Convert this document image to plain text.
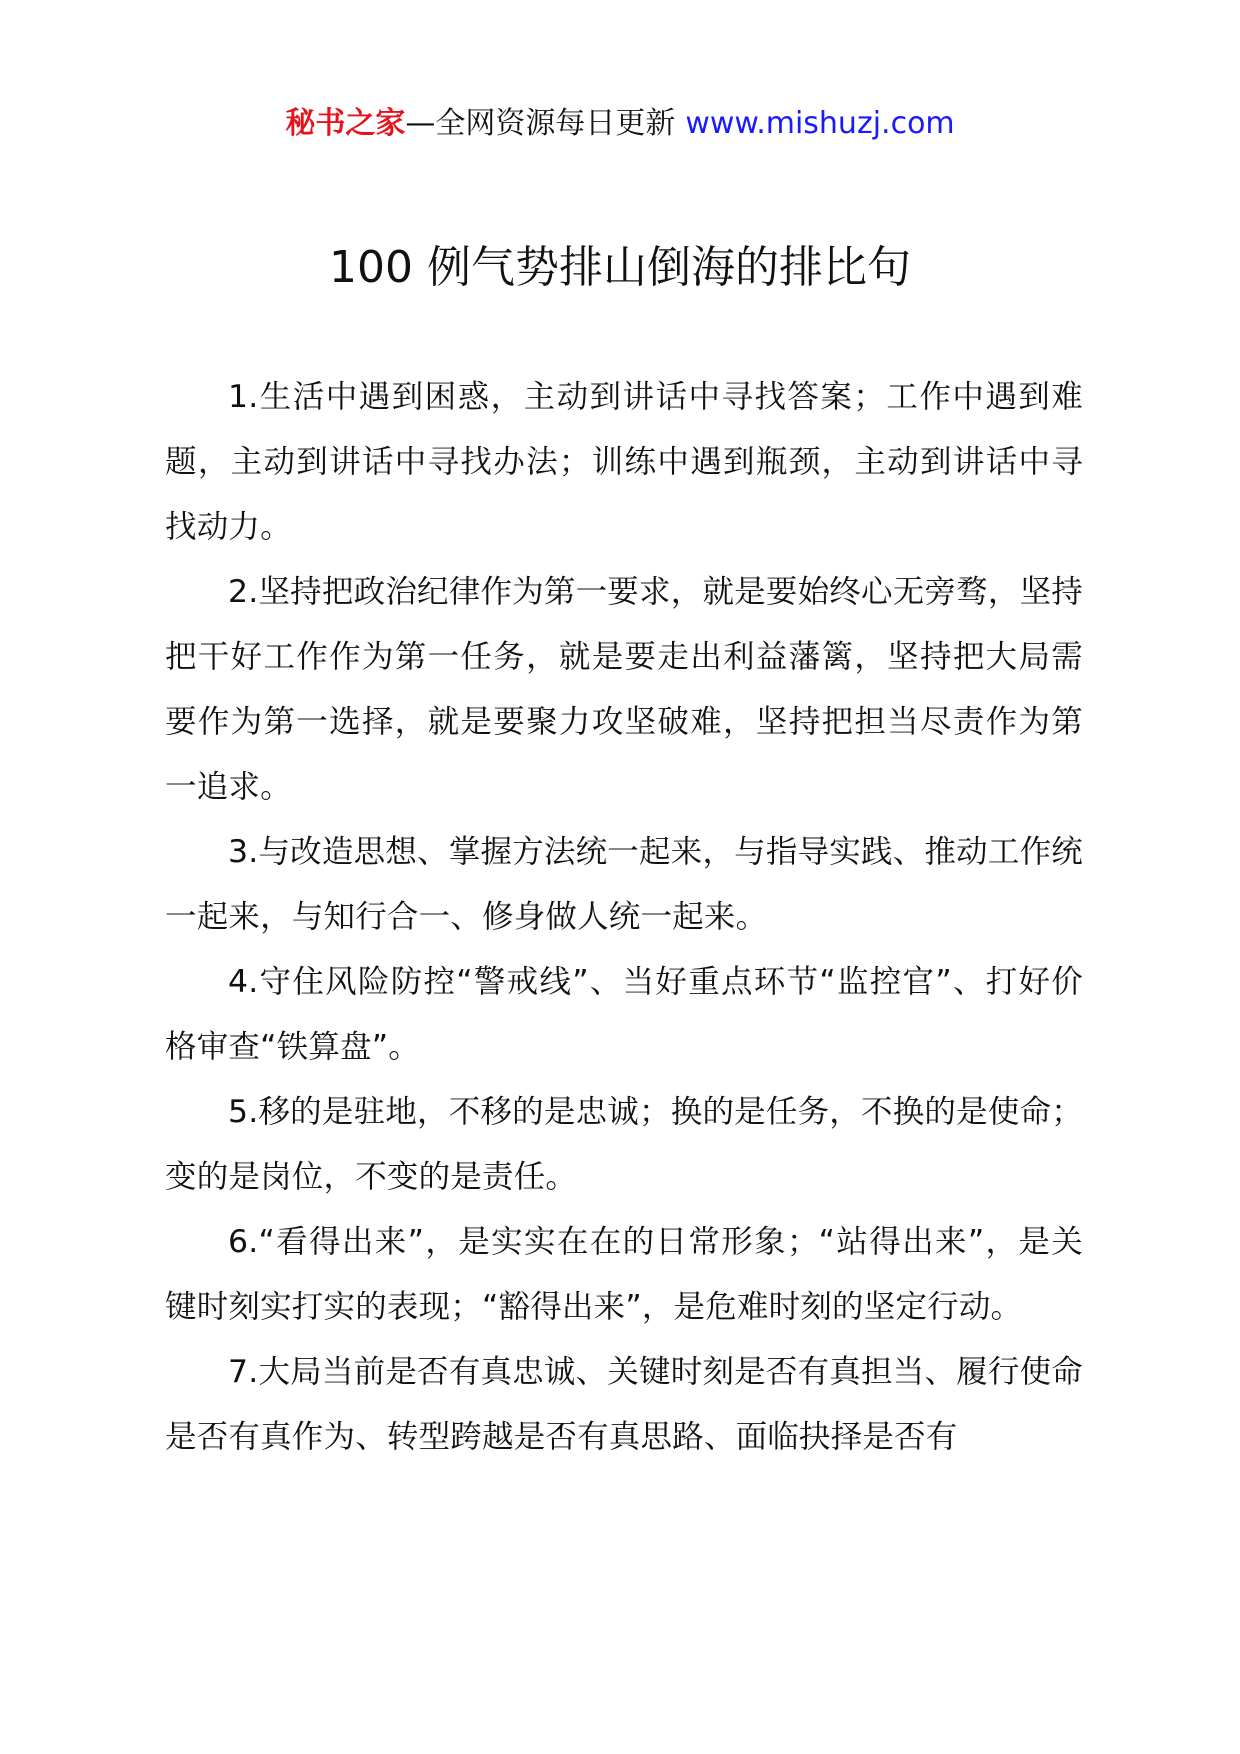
秘书之家—全网资源每日更新 www.mishuzj.com
100 例气势排山倒海的排比句

1.生活中遇到困惑，主动到讲话中寻找答案；工作中遇到难题，主动到讲话中寻找办法；训练中遇到瓶颈，主动到讲话中寻找动力。

2.坚持把政治纪律作为第一要求，就是要始终心无旁骛，坚持把干好工作作为第一任务，就是要走出利益藩篱，坚持把大局需要作为第一选择，就是要聚力攻坚破难，坚持把担当尽责作为第一追求。

3.与改造思想、掌握方法统一起来，与指导实践、推动工作统一起来，与知行合一、修身做人统一起来。

4.守住风险防控“警戒线”、当好重点环节“监控官”、打好价格审查“铁算盘”。

5.移的是驻地，不移的是忠诚；换的是任务，不换的是使命；变的是岗位，不变的是责任。

6.“看得出来”，是实实在在的日常形象；“站得出来”，是关键时刻实打实的表现；“豁得出来”，是危难时刻的坚定行动。

7.大局当前是否有真忠诚、关键时刻是否有真担当、履行使命是否有真作为、转型跨越是否有真思路、面临抉择是否有
